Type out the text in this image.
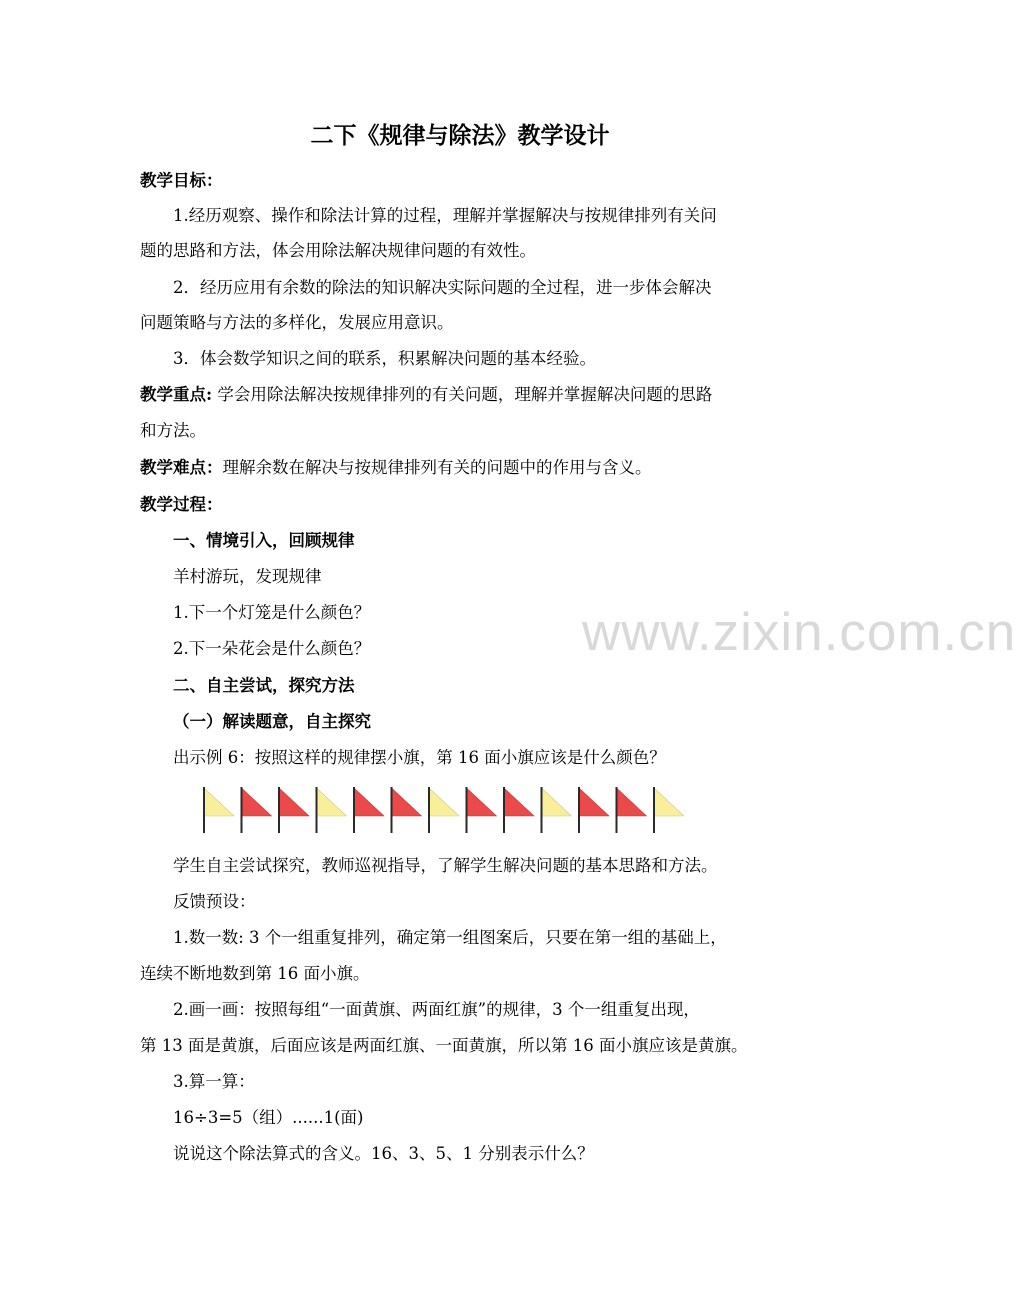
二下《规律与除法》教学设计
教学目标：
1.经历观察、操作和除法计算的过程，理解并掌握解决与按规律排列有关问
题的思路和方法，体会用除法解决规律问题的有效性。
2．经历应用有余数的除法的知识解决实际问题的全过程，进一步体会解决
问题策略与方法的多样化，发展应用意识。
3．体会数学知识之间的联系，积累解决问题的基本经验。
教学重点: 学会用除法解决按规律排列的有关问题，理解并掌握解决问题的思路
和方法。
教学难点：理解余数在解决与按规律排列有关的问题中的作用与含义。
教学过程：
一、情境引入，回顾规律
羊村游玩，发现规律
1.下一个灯笼是什么颜色？
2.下一朵花会是什么颜色？
二、自主尝试，探究方法
（一）解读题意，自主探究
出示例 6：按照这样的规律摆小旗，第 16 面小旗应该是什么颜色？
学生自主尝试探究，教师巡视指导，了解学生解决问题的基本思路和方法。
反馈预设：
1.数一数: 3 个一组重复排列，确定第一组图案后，只要在第一组的基础上，
连续不断地数到第 16 面小旗。
2.画一画：按照每组“一面黄旗、两面红旗”的规律，3 个一组重复出现，
第 13 面是黄旗，后面应该是两面红旗、一面黄旗，所以第 16 面小旗应该是黄旗。
3.算一算：
16÷3=5（组）......1(面)
说说这个除法算式的含义。16、3、5、1 分别表示什么？
www.zixin.com.cn
